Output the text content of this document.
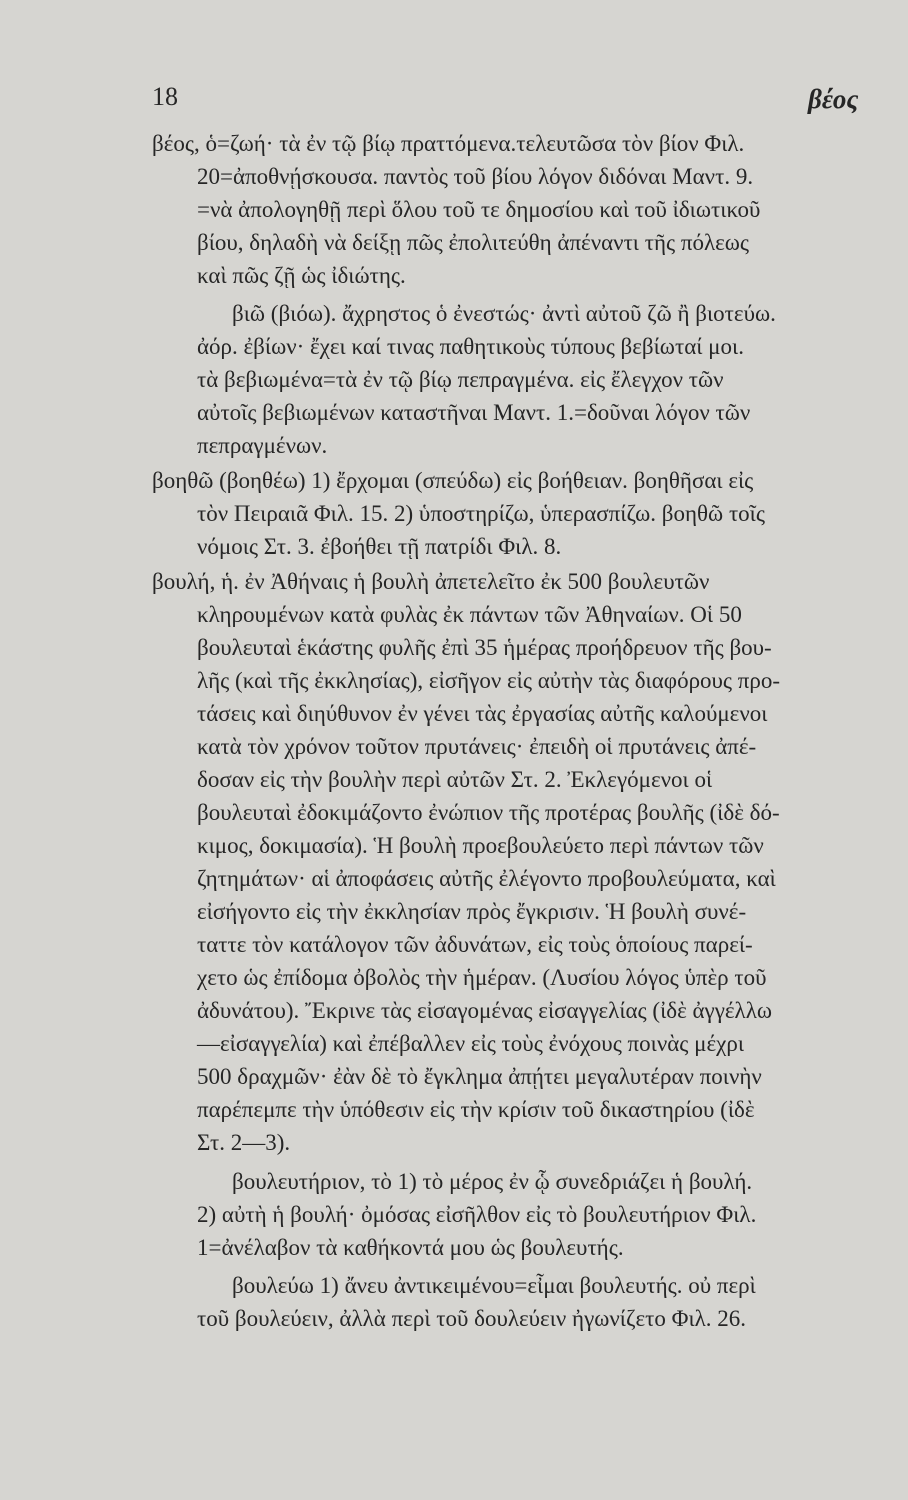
18	βέος
βέος, ὁ=ζωή· τὰ ἐν τῷ βίῳ πραττόμενα.τελευτῶσα τὸν βίον Φιλ.
20=ἀποθνῄσκουσα. παντὸς τοῦ βίου λόγον διδόναι Μαντ. 9.
=νὰ ἀπολογηθῇ περὶ ὅλου τοῦ τε δημοσίου καὶ τοῦ ἰδιωτικοῦ
βίου, δηλαδὴ νὰ δείξῃ πῶς ἐπολιτεύθη ἀπέναντι τῆς πόλεως
καὶ πῶς ζῇ ὡς ἰδιώτης.
βιῶ (βιόω). ἄχρηστος ὁ ἐνεστώς· ἀντὶ αὐτοῦ ζῶ ἢ βιοτεύω.
ἀόρ. ἐβίων· ἔχει καί τινας παθητικοὺς τύπους βεβίωταί μοι.
τὰ βεβιωμένα=τὰ ἐν τῷ βίῳ πεπραγμένα. εἰς ἔλεγχον τῶν
αὐτοῖς βεβιωμένων καταστῆναι Μαντ. 1.=δοῦναι λόγον τῶν
πεπραγμένων.
βοηθῶ (βοηθέω) 1) ἔρχομαι (σπεύδω) εἰς βοήθειαν. βοηθῆσαι εἰς
τὸν Πειραιᾶ Φιλ. 15. 2) ὑποστηρίζω, ὑπερασπίζω. βοηθῶ τοῖς
νόμοις Στ. 3. ἐβοήθει τῇ πατρίδι Φιλ. 8.
βουλή, ἡ. ἐν Ἀθήναις ἡ βουλὴ ἀπετελεῖτο ἐκ 500 βουλευτῶν
κληρουμένων κατὰ φυλὰς ἐκ πάντων τῶν Ἀθηναίων. Οἱ 50
βουλευταὶ ἑκάστης φυλῆς ἐπὶ 35 ἡμέρας προήδρευον τῆς βου-
λῆς (καὶ τῆς ἐκκλησίας), εἰσῆγον εἰς αὐτὴν τὰς διαφόρους προ-
τάσεις καὶ διηύθυνον ἐν γένει τὰς ἐργασίας αὐτῆς καλούμενοι
κατὰ τὸν χρόνον τοῦτον πρυτάνεις· ἐπειδὴ οἱ πρυτάνεις ἀπέ-
δοσαν εἰς τὴν βουλὴν περὶ αὐτῶν Στ. 2. Ἐκλεγόμενοι οἱ
βουλευταὶ ἐδοκιμάζοντο ἐνώπιον τῆς προτέρας βουλῆς (ἰδὲ δό-
κιμος, δοκιμασία). Ἡ βουλὴ προεβουλεύετο περὶ πάντων τῶν
ζητημάτων· αἱ ἀποφάσεις αὐτῆς ἐλέγοντο προβουλεύματα, καὶ
εἰσήγοντο εἰς τὴν ἐκκλησίαν πρὸς ἔγκρισιν. Ἡ βουλὴ συνέ-
ταττε τὸν κατάλογον τῶν ἀδυνάτων, εἰς τοὺς ὁποίους παρεί-
χετο ὡς ἐπίδομα ὀβολὸς τὴν ἡμέραν. (Λυσίου λόγος ὑπὲρ τοῦ
ἀδυνάτου). Ἔκρινε τὰς εἰσαγομένας εἰσαγγελίας (ἰδὲ ἀγγέλλω
—εἰσαγγελία) καὶ ἐπέβαλλεν εἰς τοὺς ἐνόχους ποινὰς μέχρι
500 δραχμῶν· ἐὰν δὲ τὸ ἔγκλημα ἀπῄτει μεγαλυτέραν ποινὴν
παρέπεμπε τὴν ὑπόθεσιν εἰς τὴν κρίσιν τοῦ δικαστηρίου (ἰδὲ
Στ. 2—3).
βουλευτήριον, τὸ 1) τὸ μέρος ἐν ᾧ συνεδριάζει ἡ βουλή.
2) αὐτὴ ἡ βουλή· ὀμόσας εἰσῆλθον εἰς τὸ βουλευτήριον Φιλ.
1=ἀνέλαβον τὰ καθήκοντά μου ὡς βουλευτής.
βουλεύω 1) ἄνευ ἀντικειμένου=εἶμαι βουλευτής. οὐ περὶ
τοῦ βουλεύειν, ἀλλὰ περὶ τοῦ δουλεύειν ἠγωνίζετο Φιλ. 26.
